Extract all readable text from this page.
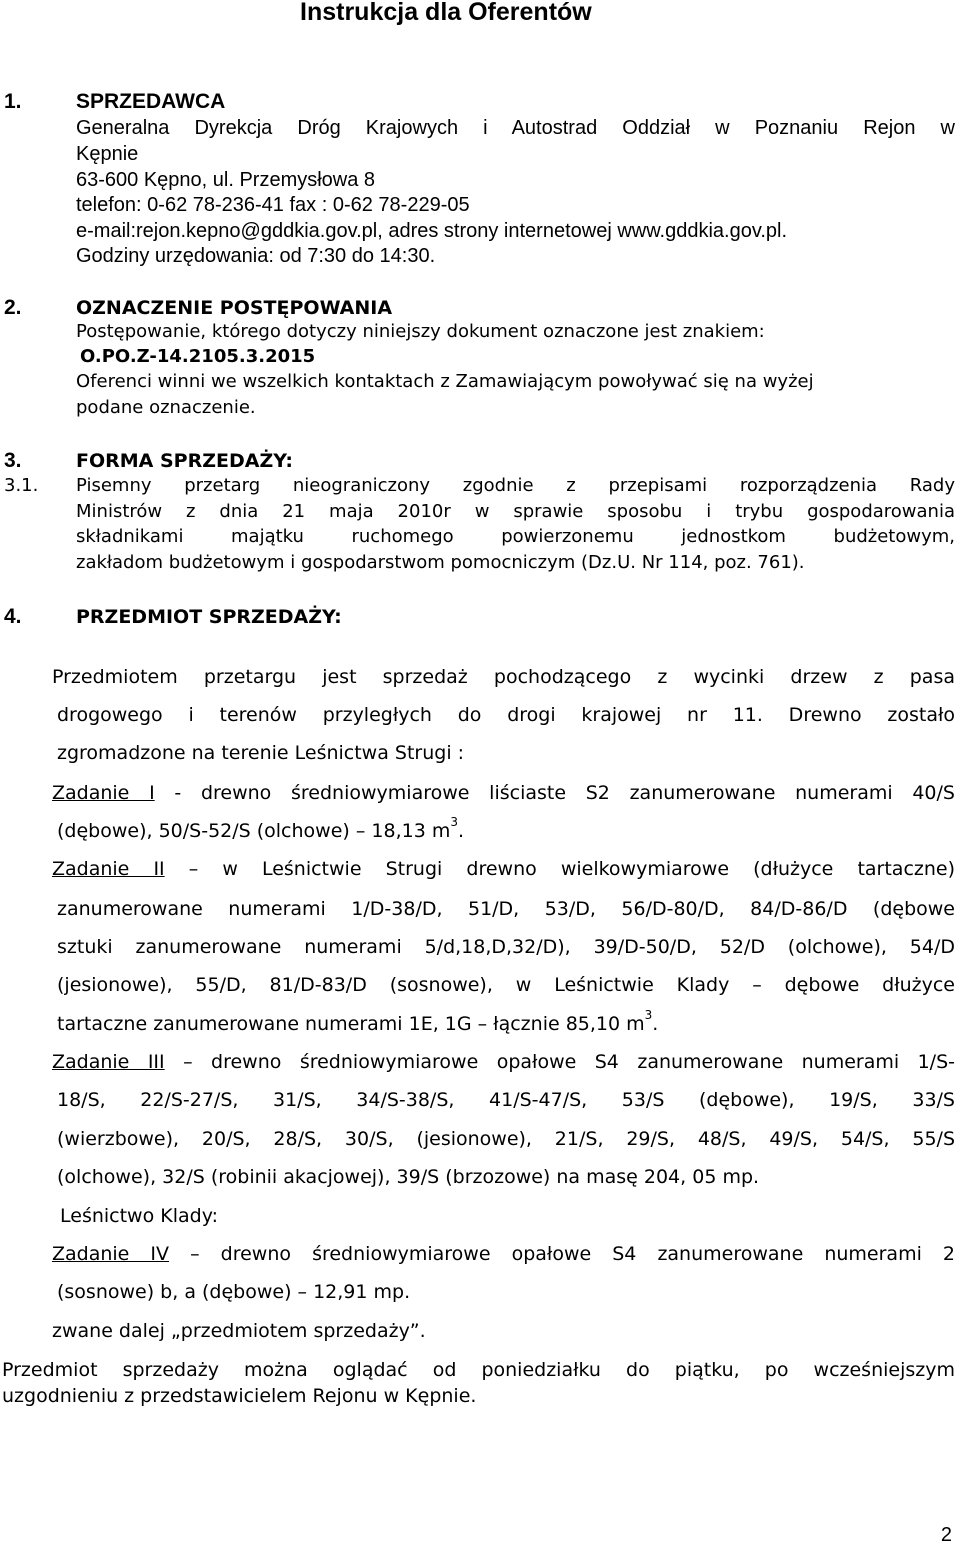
Instrukcja dla Oferentów
1.	SPRZEDAWCA
Generalna Dyrekcja Dróg Krajowych i Autostrad Oddział w Poznaniu Rejon w
Kępnie
63-600 Kępno, ul. Przemysłowa 8
telefon: 0-62 78-236-41 fax : 0-62 78-229-05
e-mail:rejon.kepno@gddkia.gov.pl, adres strony internetowej www.gddkia.gov.pl.
Godziny urzędowania: od 7:30 do 14:30.
2.	OZNACZENIE POSTĘPOWANIA
Postępowanie, którego dotyczy niniejszy dokument oznaczone jest znakiem:
O.PO.Z-14.2105.3.2015
Oferenci winni we wszelkich kontaktach z Zamawiającym powoływać się na wyżej
podane oznaczenie.
3.	FORMA SPRZEDAŻY:
3.1. Pisemny przetarg nieograniczony zgodnie z przepisami rozporządzenia Rady
Ministrów z dnia 21 maja 2010r w sprawie sposobu i trybu gospodarowania
składnikami majątku ruchomego powierzonemu jednostkom budżetowym,
zakładom budżetowym i gospodarstwom pomocniczym (Dz.U. Nr 114, poz. 761).
4.	PRZEDMIOT SPRZEDAŻY:
Przedmiotem przetargu jest sprzedaż pochodzącego z wycinki drzew z pasa
drogowego i terenów przyległych do drogi krajowej nr 11. Drewno zostało
zgromadzone na terenie Leśnictwa Strugi :
Zadanie I - drewno średniowymiarowe liściaste S2 zanumerowane numerami 40/S
(dębowe), 50/S-52/S (olchowe) – 18,13 $m^3$.
Zadanie II – w Leśnictwie Strugi drewno wielkowymiarowe (dłużyce tartaczne)
zanumerowane numerami 1/D-38/D, 51/D, 53/D, 56/D-80/D, 84/D-86/D (dębowe
sztuki zanumerowane numerami 5/d,18,D,32/D), 39/D-50/D, 52/D (olchowe), 54/D
(jesionowe), 55/D, 81/D-83/D (sosnowe), w Leśnictwie Klady – dębowe dłużyce
tartaczne zanumerowane numerami 1E, 1G – łącznie 85,10 $m^3$.
Zadanie III – drewno średniowymiarowe opałowe S4 zanumerowane numerami 1/S-
18/S, 22/S-27/S, 31/S, 34/S-38/S, 41/S-47/S, 53/S (dębowe), 19/S, 33/S
(wierzbowe), 20/S, 28/S, 30/S, (jesionowe), 21/S, 29/S, 48/S, 49/S, 54/S, 55/S
(olchowe), 32/S (robinii akacjowej), 39/S (brzozowe) na masę 204, 05 mp.
Leśnictwo Klady:
Zadanie IV – drewno średniowymiarowe opałowe S4 zanumerowane numerami 2
(sosnowe) b, a (dębowe) – 12,91 mp.
zwane dalej „przedmiotem sprzedaży”.
Przedmiot sprzedaży można oglądać od poniedziałku do piątku, po wcześniejszym
uzgodnieniu z przedstawicielem Rejonu w Kępnie.
2
